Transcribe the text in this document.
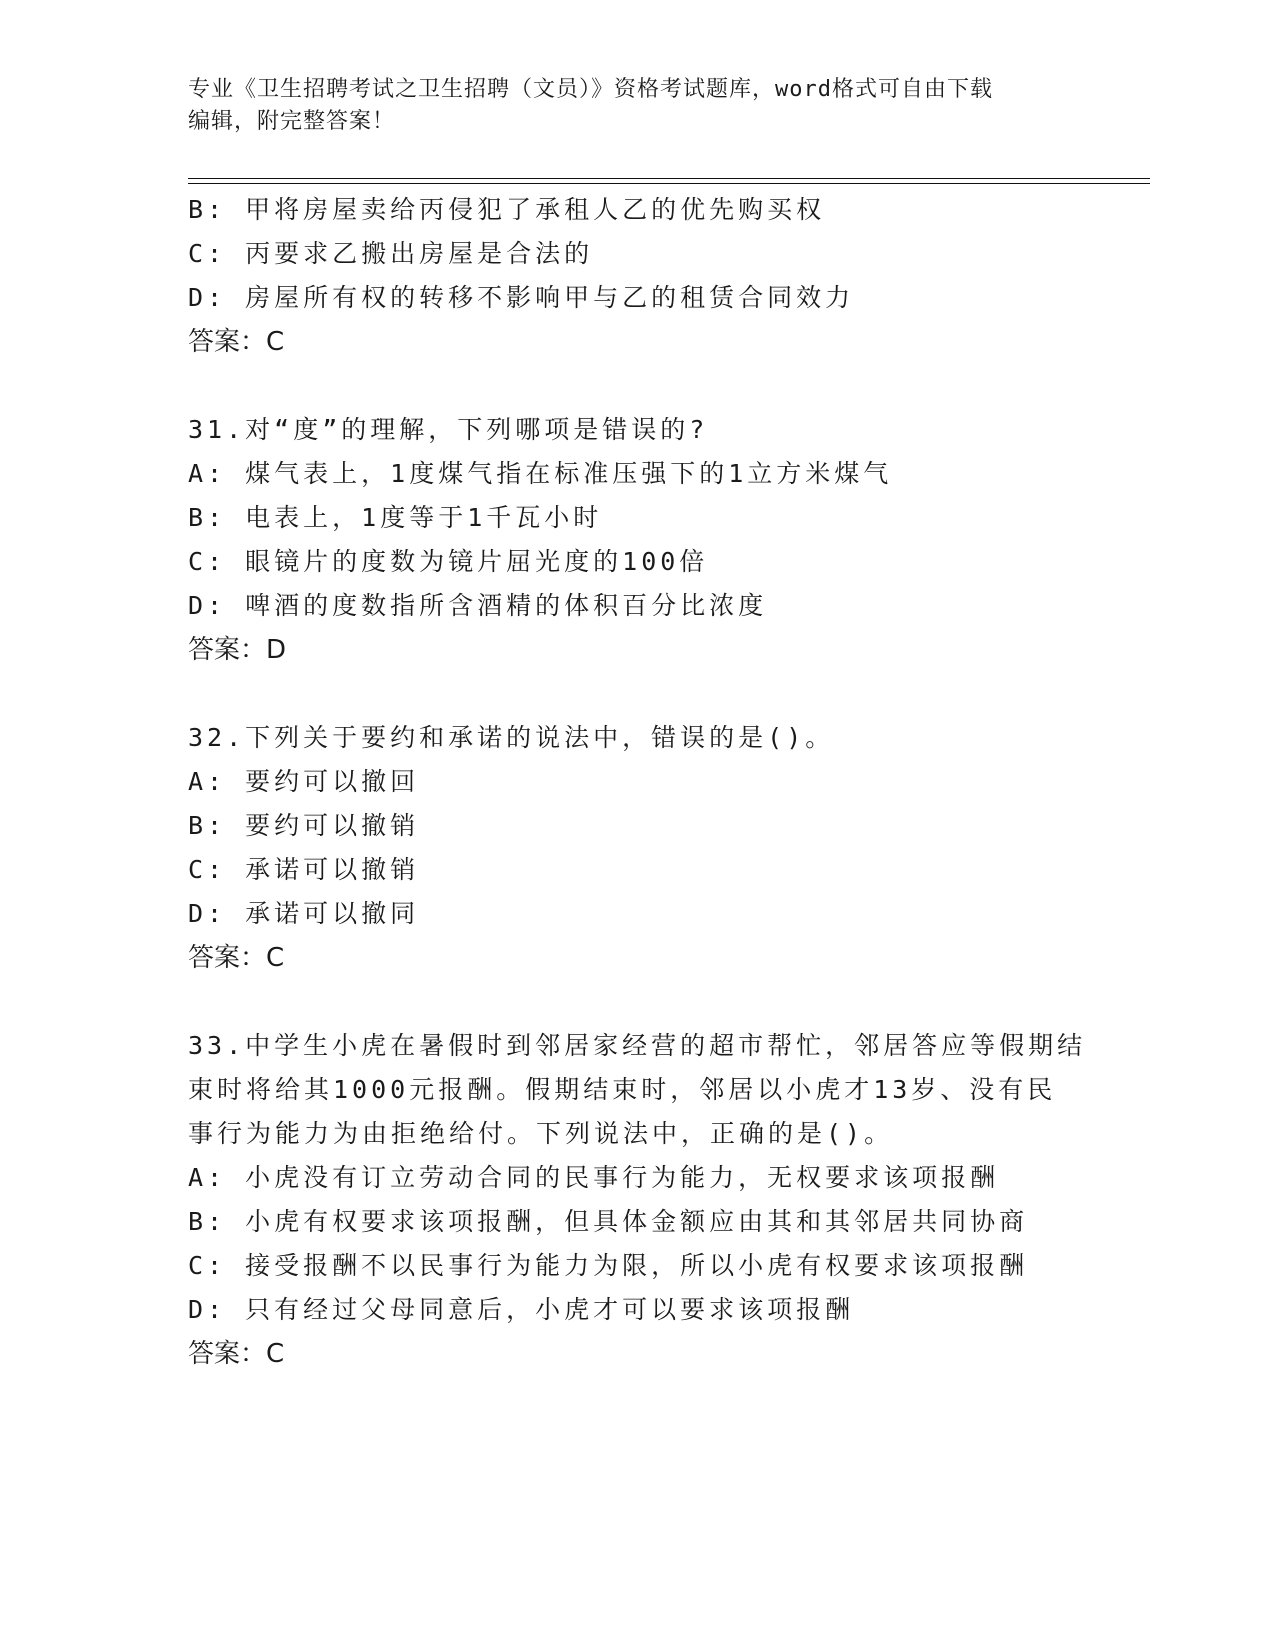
专业《卫生招聘考试之卫生招聘（文员）》资格考试题库，word格式可自由下载
编辑，附完整答案！
B: 甲将房屋卖给丙侵犯了承租人乙的优先购买权
C: 丙要求乙搬出房屋是合法的
D: 房屋所有权的转移不影响甲与乙的租赁合同效力
答案：C
31.对“度”的理解，下列哪项是错误的?
A: 煤气表上，1度煤气指在标准压强下的1立方米煤气
B: 电表上，1度等于1千瓦小时
C: 眼镜片的度数为镜片屈光度的100倍
D: 啤酒的度数指所含酒精的体积百分比浓度
答案：D
32.下列关于要约和承诺的说法中，错误的是()。
A: 要约可以撤回
B: 要约可以撤销
C: 承诺可以撤销
D: 承诺可以撤同
答案：C
33.中学生小虎在暑假时到邻居家经营的超市帮忙，邻居答应等假期结
束时将给其1000元报酬。假期结束时，邻居以小虎才13岁、没有民
事行为能力为由拒绝给付。下列说法中，正确的是()。
A: 小虎没有订立劳动合同的民事行为能力，无权要求该项报酬
B: 小虎有权要求该项报酬，但具体金额应由其和其邻居共同协商
C: 接受报酬不以民事行为能力为限，所以小虎有权要求该项报酬
D: 只有经过父母同意后，小虎才可以要求该项报酬
答案：C
